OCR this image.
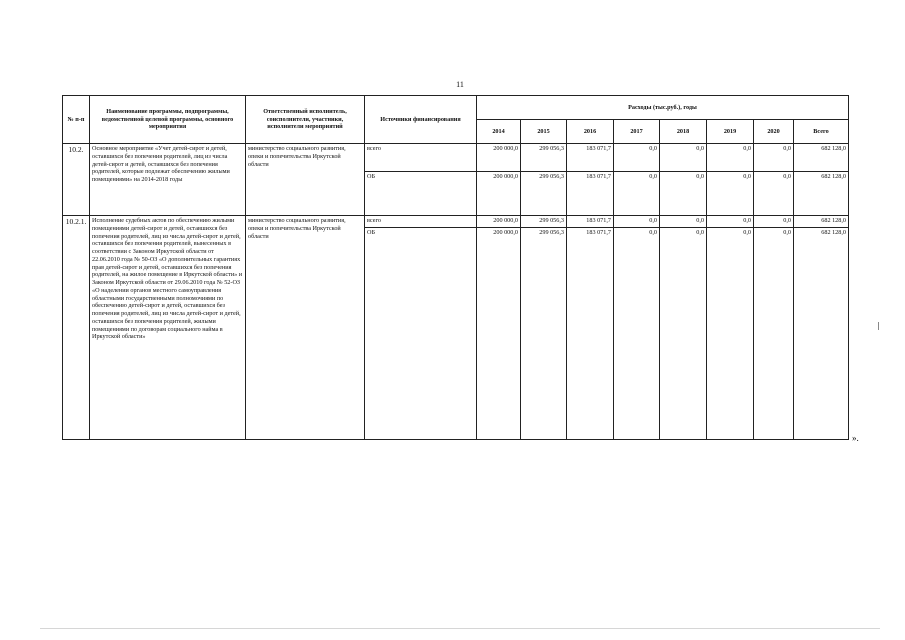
11
№ п-п	Наименование программы, подпрограммы, ведомственной целевой программы, основного мероприятия	Ответственный исполнитель, соисполнители, участники, исполнители мероприятий	Источники финансирования	Расходы (тыс.руб.), годы							
				2014	2015	2016	2017	2018	2019	2020	Всего
10.2.	Основное мероприятие «Учет детей-сирот и детей, оставшихся без попечения родителей, лиц из числа детей-сирот и детей, оставшихся без попечения родителей, которые подлежат обеспечению жилыми помещениями» на 2014-2018 годы	министерство социального развития, опеки и попечительства Иркутской области	всего	200 000,0	299 056,3	183 071,7	0,0	0,0	0,0	0,0	682 128,0
			ОБ	200 000,0	299 056,3	183 071,7	0,0	0,0	0,0	0,0	682 128,0
10.2.1.	Исполнение судебных актов по обеспечению жилыми помещениями детей-сирот и детей, оставшихся без попечения родителей, лиц из числа детей-сирот и детей, оставшихся без попечения родителей, вынесенных в соответствии с Законом Иркутской области от 22.06.2010 года № 50-ОЗ «О дополнительных гарантиях прав детей-сирот и детей, оставшихся без попечения родителей, на жилое помещение в Иркутской области» и Законом Иркутской области от 29.06.2010 года № 52-ОЗ «О наделении органов местного самоуправления областными государственными полномочиями по обеспечению детей-сирот и детей, оставшихся без попечения родителей, лиц из числа детей-сирот и детей, оставшихся без попечения родителей, жилыми помещениями по договорам социального найма в Иркутской области»	министерство социального развития, опеки и попечительства Иркутской области	всего	200 000,0	299 056,3	183 071,7	0,0	0,0	0,0	0,0	682 128,0
			ОБ	200 000,0	299 056,3	183 071,7	0,0	0,0	0,0	0,0	682 128,0
».
